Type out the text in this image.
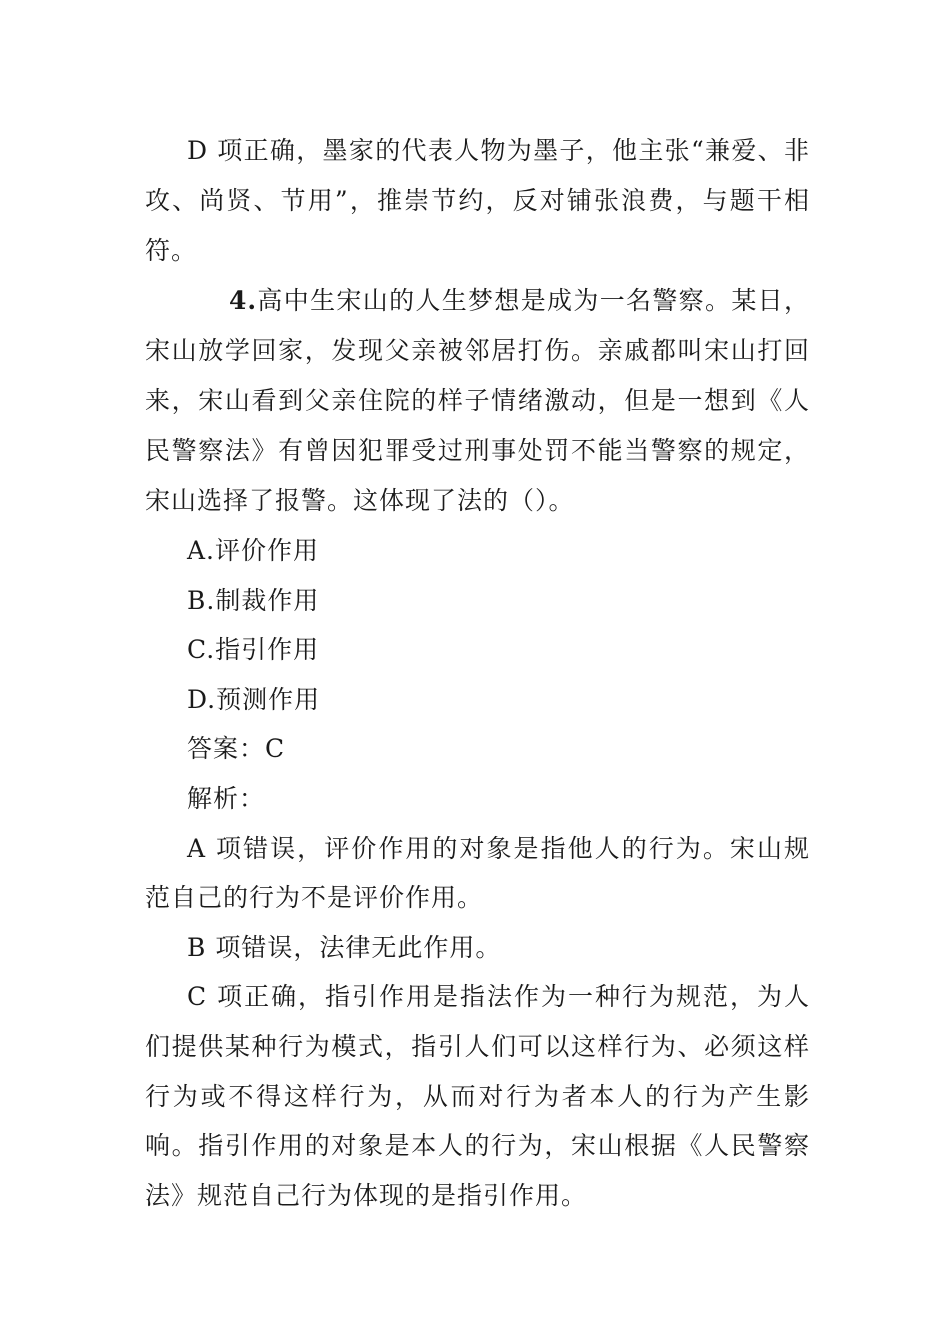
D 项正确，墨家的代表人物为墨子，他主张“兼爱、非攻、尚贤、节用”，推崇节约，反对铺张浪费，与题干相符。

4.高中生宋山的人生梦想是成为一名警察。某日，宋山放学回家，发现父亲被邻居打伤。亲戚都叫宋山打回来，宋山看到父亲住院的样子情绪激动，但是一想到《人民警察法》有曾因犯罪受过刑事处罚不能当警察的规定，宋山选择了报警。这体现了法的（）。

A.评价作用

B.制裁作用

C.指引作用

D.预测作用

答案：C

解析：

A 项错误，评价作用的对象是指他人的行为。宋山规范自己的行为不是评价作用。

B 项错误，法律无此作用。

C 项正确，指引作用是指法作为一种行为规范，为人们提供某种行为模式，指引人们可以这样行为、必须这样行为或不得这样行为，从而对行为者本人的行为产生影响。指引作用的对象是本人的行为，宋山根据《人民警察法》规范自己行为体现的是指引作用。
